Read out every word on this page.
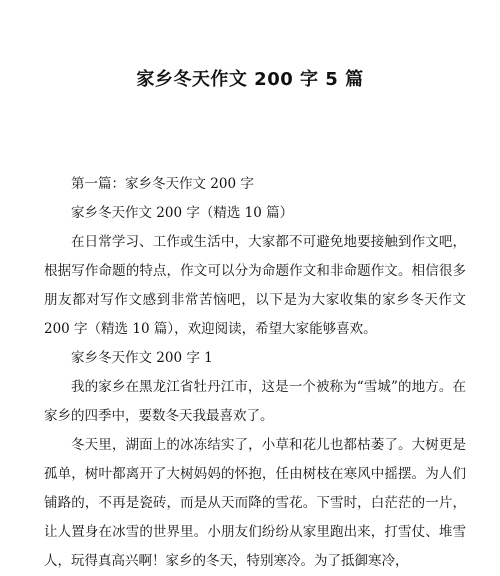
家乡冬天作文 200 字 5 篇

第一篇：家乡冬天作文 200 字

家乡冬天作文 200 字（精选 10 篇）

在日常学习、工作或生活中，大家都不可避免地要接触到作文吧，根据写作命题的特点，作文可以分为命题作文和非命题作文。相信很多朋友都对写作文感到非常苦恼吧，以下是为大家收集的家乡冬天作文 200 字（精选 10 篇），欢迎阅读，希望大家能够喜欢。

家乡冬天作文 200 字 1

我的家乡在黑龙江省牡丹江市，这是一个被称为“雪城”的地方。在家乡的四季中，要数冬天我最喜欢了。

冬天里，湖面上的冰冻结实了，小草和花儿也都枯萎了。大树更是孤单，树叶都离开了大树妈妈的怀抱，任由树枝在寒风中摇摆。为人们铺路的，不再是瓷砖，而是从天而降的雪花。下雪时，白茫茫的一片，让人置身在冰雪的世界里。小朋友们纷纷从家里跑出来，打雪仗、堆雪人，玩得真高兴啊！家乡的冬天，特别寒冷。为了抵御寒冷，
